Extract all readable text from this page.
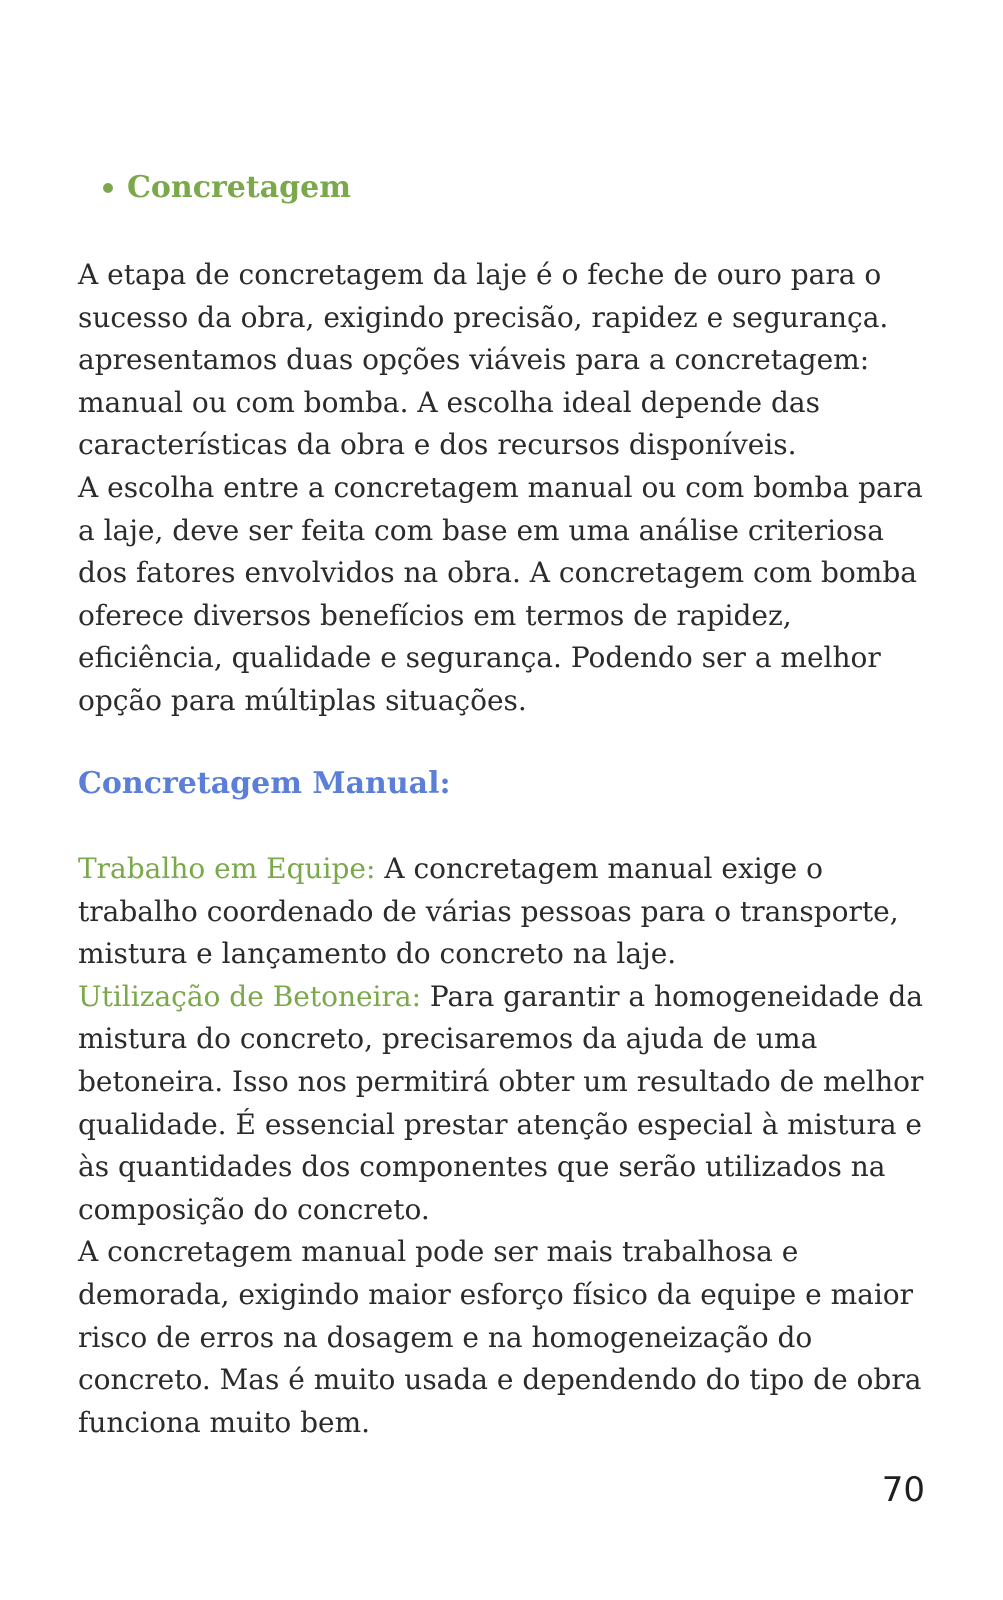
Concretagem

A etapa de concretagem da laje é o feche de ouro para o sucesso da obra, exigindo precisão, rapidez e segurança. apresentamos duas opções viáveis para a concretagem: manual ou com bomba. A escolha ideal depende das características da obra e dos recursos disponíveis.

A escolha entre a concretagem manual ou com bomba para a laje, deve ser feita com base em uma análise criteriosa dos fatores envolvidos na obra. A concretagem com bomba oferece diversos benefícios em termos de rapidez, eficiência, qualidade e segurança. Podendo ser a melhor opção para múltiplas situações.

Concretagem Manual:

Trabalho em Equipe: A concretagem manual exige o trabalho coordenado de várias pessoas para o transporte, mistura e lançamento do concreto na laje.

Utilização de Betoneira: Para garantir a homogeneidade da mistura do concreto, precisaremos da ajuda de uma betoneira. Isso nos permitirá obter um resultado de melhor qualidade. É essencial prestar atenção especial à mistura e às quantidades dos componentes que serão utilizados na composição do concreto.

A concretagem manual pode ser mais trabalhosa e demorada, exigindo maior esforço físico da equipe e maior risco de erros na dosagem e na homogeneização do concreto. Mas é muito usada e dependendo do tipo de obra funciona muito bem.

70
